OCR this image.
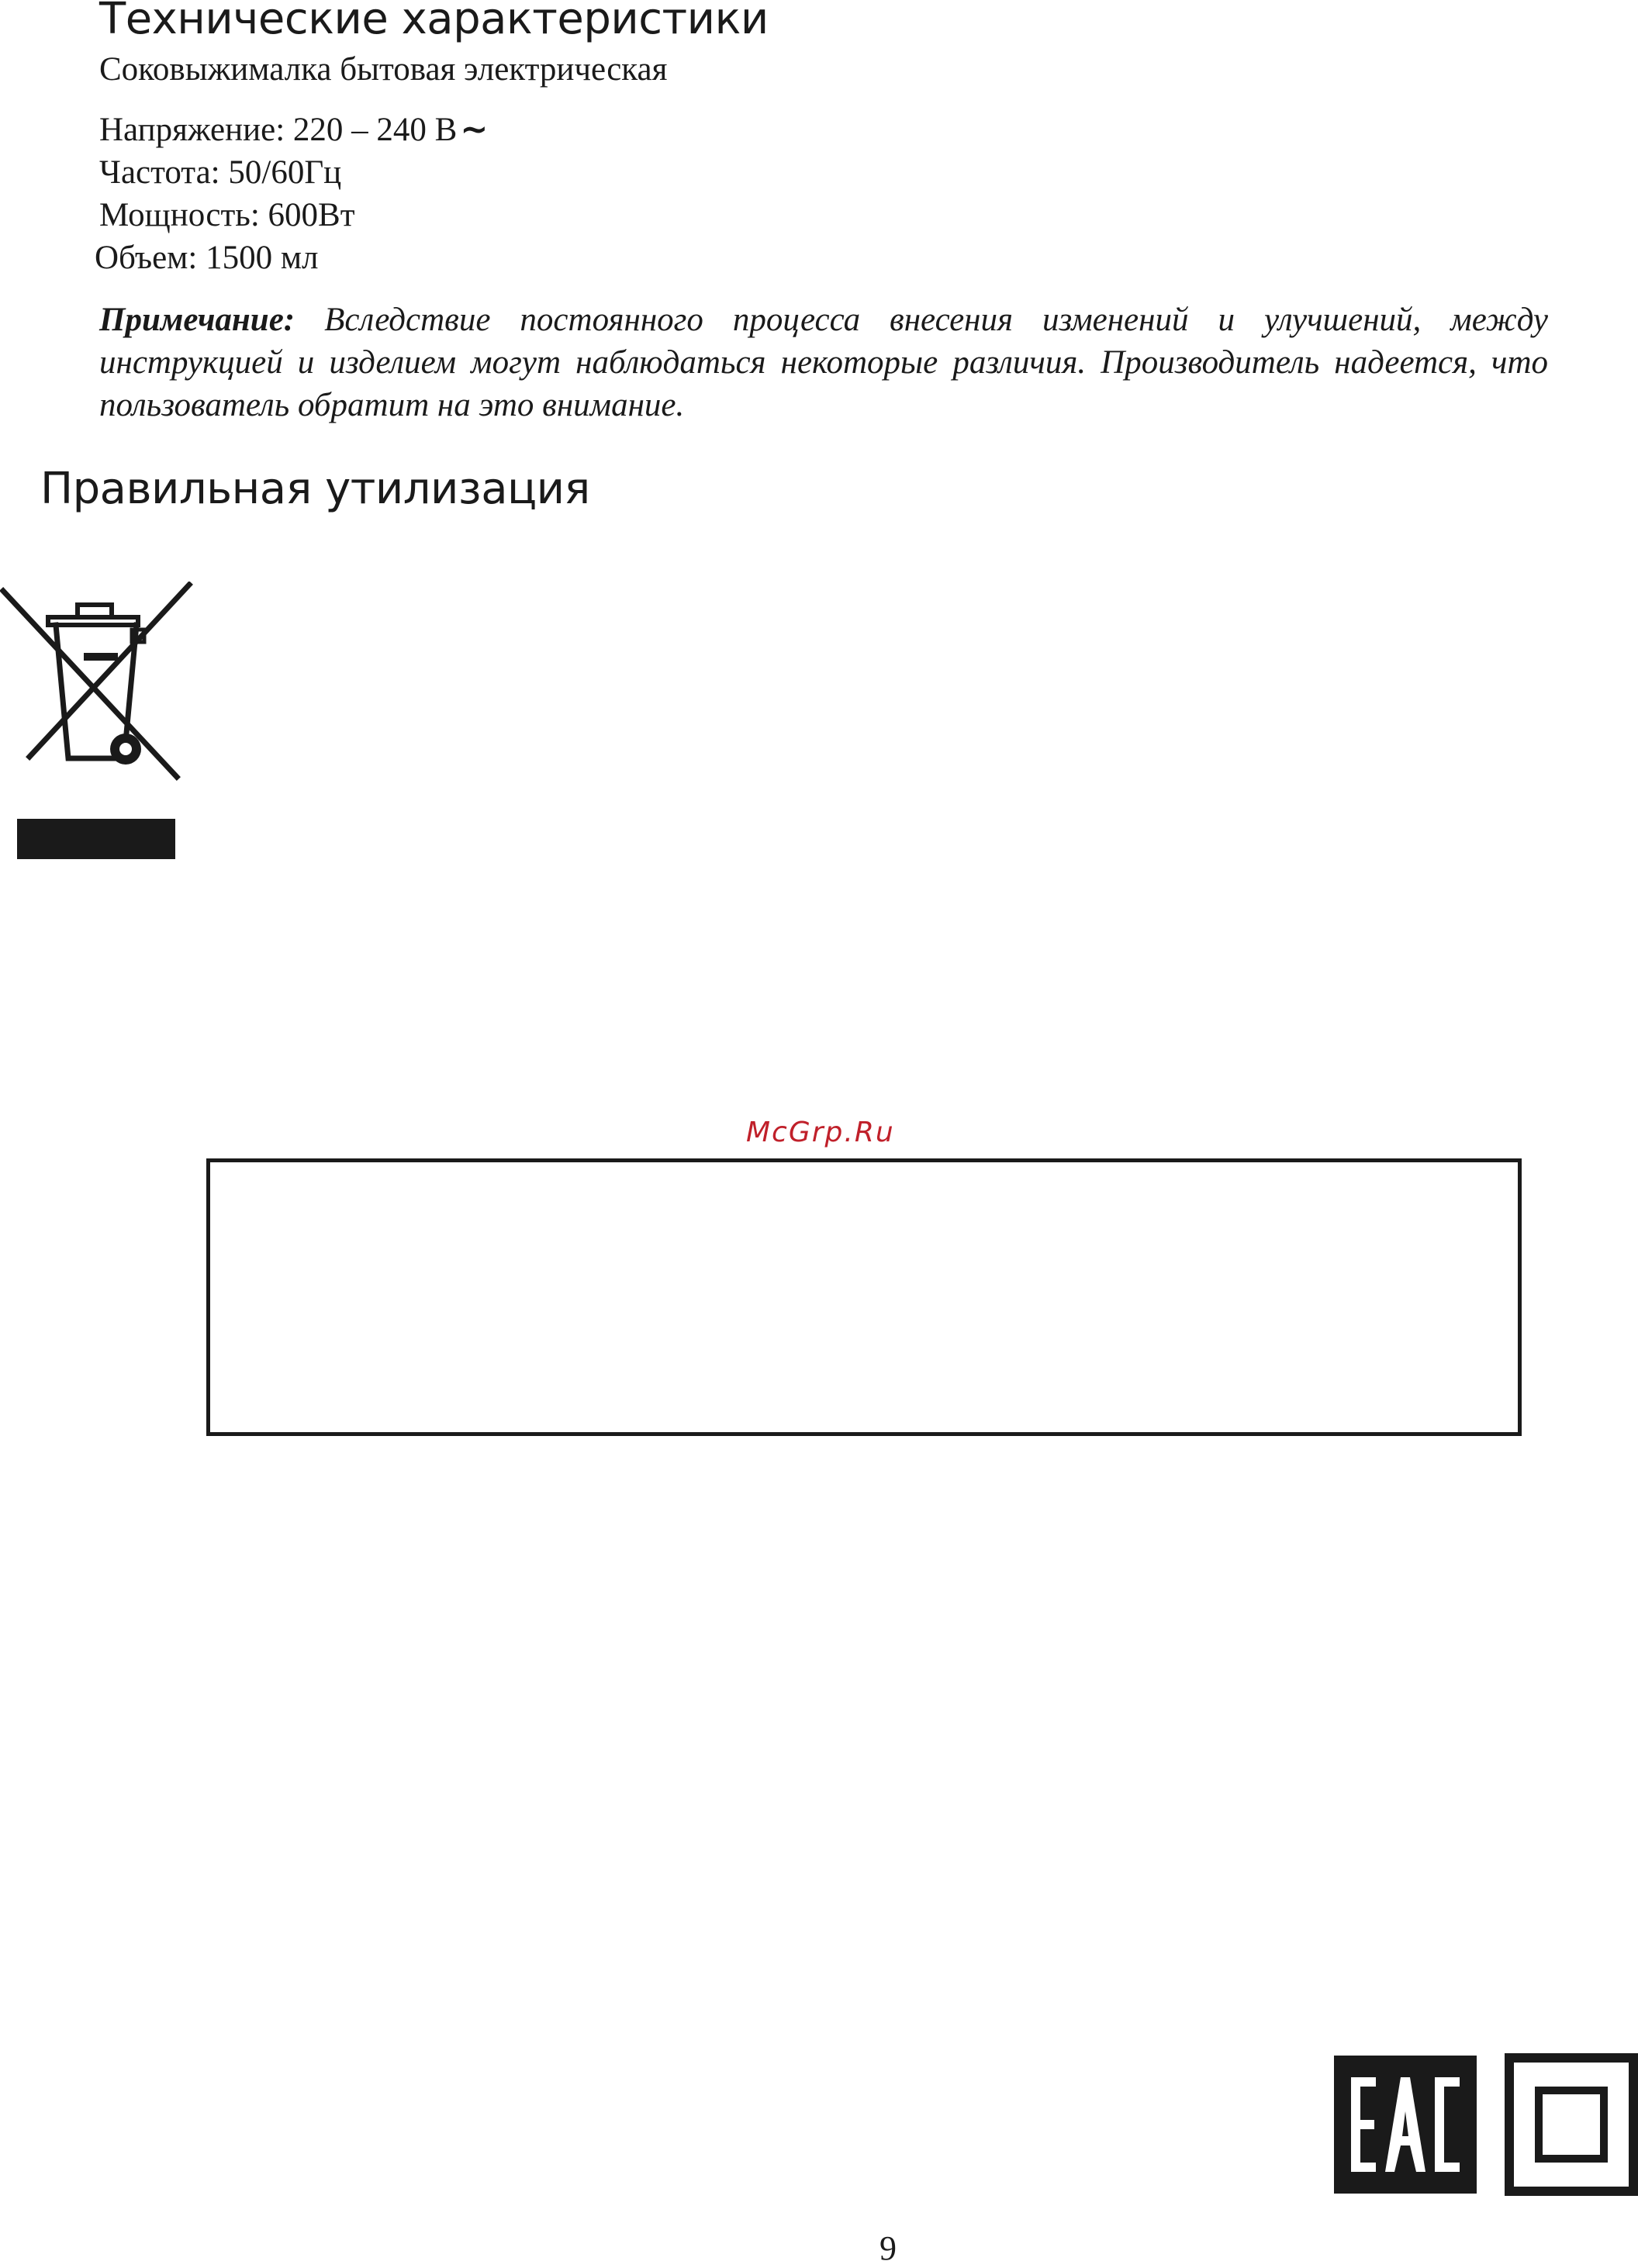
Технические характеристики
Соковыжималка бытовая электрическая
Напряжение: 220 – 240 В~
Частота: 50/60Гц
Мощность: 600Вт
Объем: 1500 мл
Примечание: Вследствие постоянного процесса внесения изменений и улучшений, между инструкцией и изделием могут наблюдаться некоторые различия. Производитель надеется, что пользователь обратит на это внимание.
Правильная утилизация
McGrp.Ru
9
